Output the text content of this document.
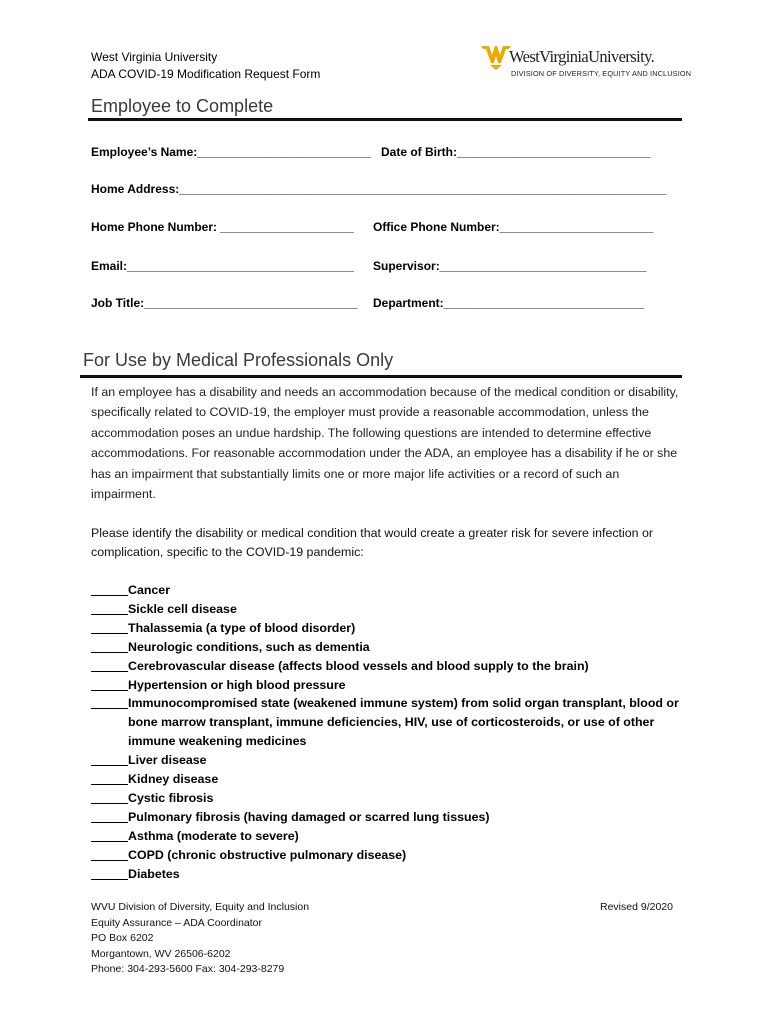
West Virginia University
ADA COVID-19 Modification Request Form
WestVirginiaUniversity.
DIVISION OF DIVERSITY, EQUITY AND INCLUSION
Employee to Complete
Employee’s Name:__________________________ Date of Birth:_____________________________
Home Address:_________________________________________________________________________
Home Phone Number: ____________________ Office Phone Number:_______________________
Email:__________________________________ Supervisor:_______________________________
Job Title:________________________________ Department:______________________________
For Use by Medical Professionals Only

If an employee has a disability and needs an accommodation because of the medical condition or disability, specifically related to COVID-19, the employer must provide a reasonable accommodation, unless the accommodation poses an undue hardship. The following questions are intended to determine effective accommodations. For reasonable accommodation under the ADA, an employee has a disability if he or she has an impairment that substantially limits one or more major life activities or a record of such an impairment.

Please identify the disability or medical condition that would create a greater risk for severe infection or complication, specific to the COVID-19 pandemic:

Cancer
Sickle cell disease
Thalassemia (a type of blood disorder)
Neurologic conditions, such as dementia
Cerebrovascular disease (affects blood vessels and blood supply to the brain)
Hypertension or high blood pressure
Immunocompromised state (weakened immune system) from solid organ transplant, blood or bone marrow transplant, immune deficiencies, HIV, use of corticosteroids, or use of other immune weakening medicines
Liver disease
Kidney disease
Cystic fibrosis
Pulmonary fibrosis (having damaged or scarred lung tissues)
Asthma (moderate to severe)
COPD (chronic obstructive pulmonary disease)
Diabetes
WVU Division of Diversity, Equity and Inclusion
Equity Assurance – ADA Coordinator
PO Box 6202
Morgantown, WV 26506-6202
Phone: 304-293-5600 Fax: 304-293-8279
Revised 9/2020
